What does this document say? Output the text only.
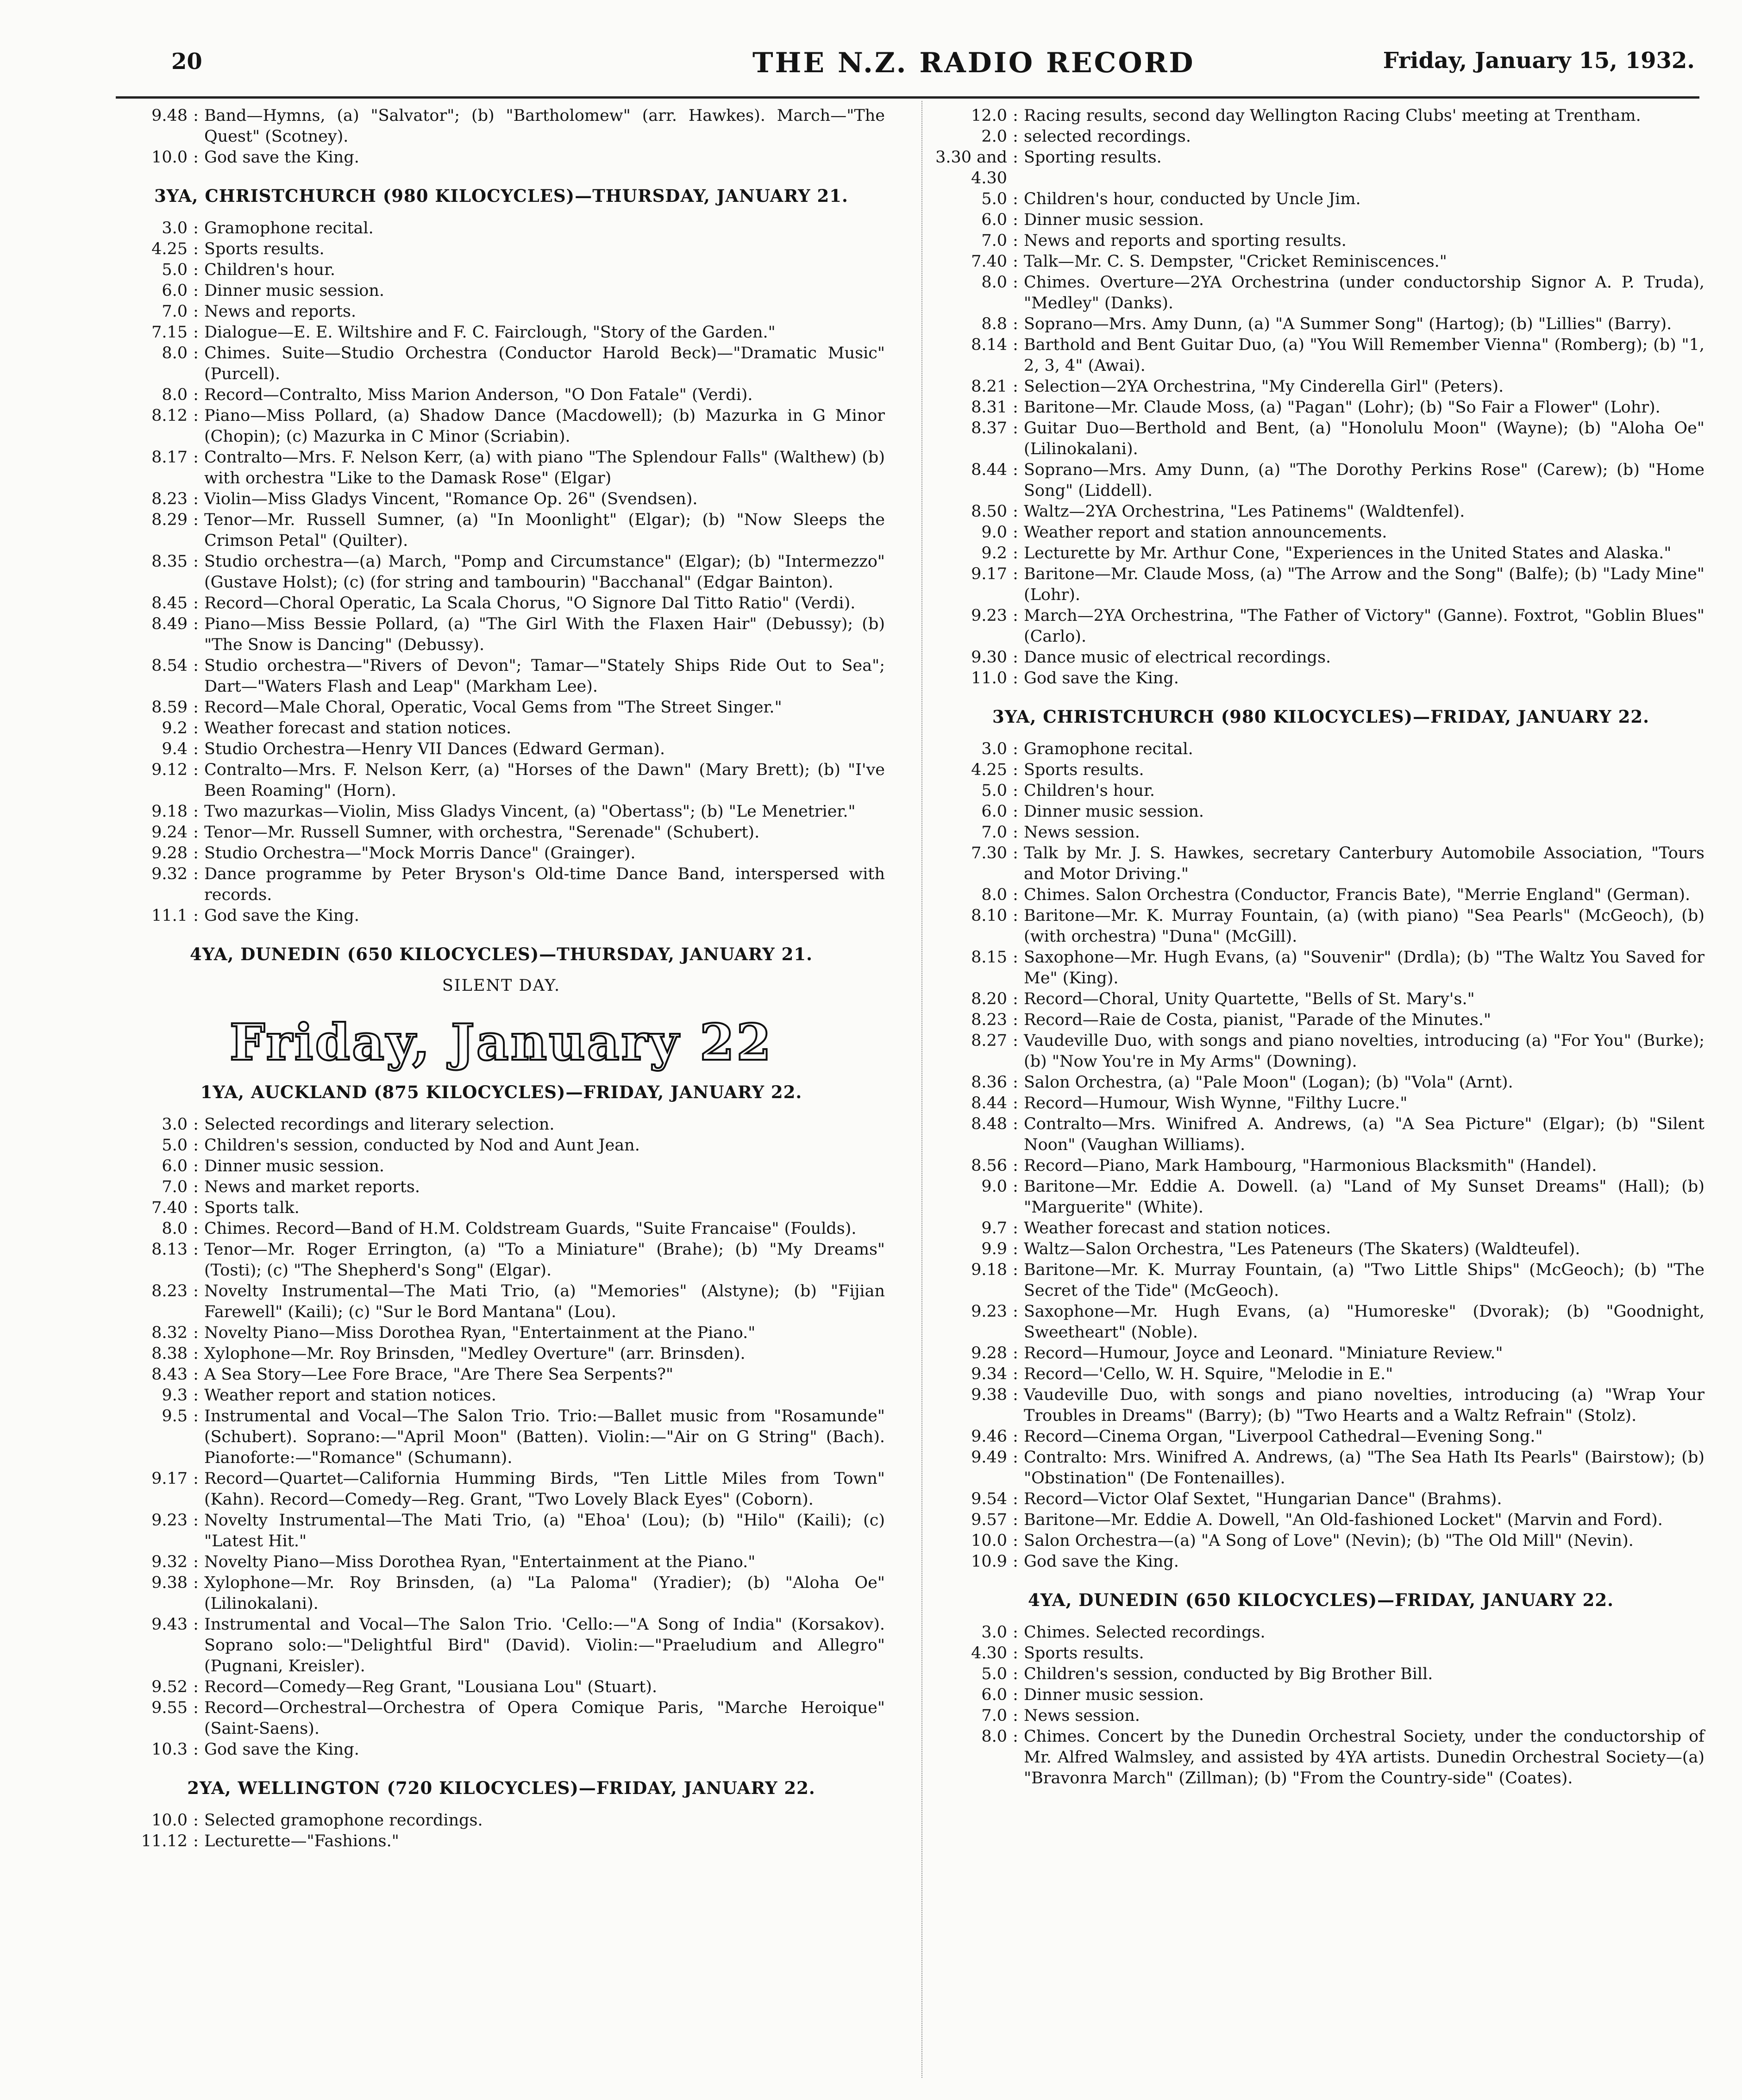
20	THE N.Z. RADIO RECORD	Friday, January 15, 1932.
9.48 : Band—Hymns, (a) "Salvator"; (b) "Bartholomew" (arr. Hawkes). March—"The Quest" (Scotney).
10.0 : God save the King.
3YA, CHRISTCHURCH (980 KILOCYCLES)—THURSDAY, JANUARY 21.
3.0 : Gramophone recital.
4.25 : Sports results.
5.0 : Children's hour.
6.0 : Dinner music session.
7.0 : News and reports.
7.15 : Dialogue—E. E. Wiltshire and F. C. Fairclough, "Story of the Garden."
8.0 : Chimes. Suite—Studio Orchestra (Conductor Harold Beck)—"Dramatic Music" (Purcell).
8.0 : Record—Contralto, Miss Marion Anderson, "O Don Fatale" (Verdi).
8.12 : Piano—Miss Pollard, (a) Shadow Dance (Macdowell); (b) Mazurka in G Minor (Chopin); (c) Mazurka in C Minor (Scriabin).
8.17 : Contralto—Mrs. F. Nelson Kerr, (a) with piano "The Splendour Falls" (Walthew) (b) with orchestra "Like to the Damask Rose" (Elgar)
8.23 : Violin—Miss Gladys Vincent, "Romance Op. 26" (Svendsen).
8.29 : Tenor—Mr. Russell Sumner, (a) "In Moonlight" (Elgar); (b) "Now Sleeps the Crimson Petal" (Quilter).
8.35 : Studio orchestra—(a) March, "Pomp and Circumstance" (Elgar); (b) "Intermezzo" (Gustave Holst); (c) (for string and tambourin) "Bacchanal" (Edgar Bainton).
8.45 : Record—Choral Operatic, La Scala Chorus, "O Signore Dal Titto Ratio" (Verdi).
8.49 : Piano—Miss Bessie Pollard, (a) "The Girl With the Flaxen Hair" (Debussy); (b) "The Snow is Dancing" (Debussy).
8.54 : Studio orchestra—"Rivers of Devon"; Tamar—"Stately Ships Ride Out to Sea"; Dart—"Waters Flash and Leap" (Markham Lee).
8.59 : Record—Male Choral, Operatic, Vocal Gems from "The Street Singer."
9.2 : Weather forecast and station notices.
9.4 : Studio Orchestra—Henry VII Dances (Edward German).
9.12 : Contralto—Mrs. F. Nelson Kerr, (a) "Horses of the Dawn" (Mary Brett); (b) "I've Been Roaming" (Horn).
9.18 : Two mazurkas—Violin, Miss Gladys Vincent, (a) "Obertass"; (b) "Le Menetrier."
9.24 : Tenor—Mr. Russell Sumner, with orchestra, "Serenade" (Schubert).
9.28 : Studio Orchestra—"Mock Morris Dance" (Grainger).
9.32 : Dance programme by Peter Bryson's Old-time Dance Band, interspersed with records.
11.1 : God save the King.
4YA, DUNEDIN (650 KILOCYCLES)—THURSDAY, JANUARY 21.
SILENT DAY.
Friday, January 22
1YA, AUCKLAND (875 KILOCYCLES)—FRIDAY, JANUARY 22.
3.0 : Selected recordings and literary selection.
5.0 : Children's session, conducted by Nod and Aunt Jean.
6.0 : Dinner music session.
7.0 : News and market reports.
7.40 : Sports talk.
8.0 : Chimes. Record—Band of H.M. Coldstream Guards, "Suite Francaise" (Foulds).
8.13 : Tenor—Mr. Roger Errington, (a) "To a Miniature" (Brahe); (b) "My Dreams" (Tosti); (c) "The Shepherd's Song" (Elgar).
8.23 : Novelty Instrumental—The Mati Trio, (a) "Memories" (Alstyne); (b) "Fijian Farewell" (Kaili); (c) "Sur le Bord Mantana" (Lou).
8.32 : Novelty Piano—Miss Dorothea Ryan, "Entertainment at the Piano."
8.38 : Xylophone—Mr. Roy Brinsden, "Medley Overture" (arr. Brinsden).
8.43 : A Sea Story—Lee Fore Brace, "Are There Sea Serpents?"
9.3 : Weather report and station notices.
9.5 : Instrumental and Vocal—The Salon Trio. Trio:—Ballet music from "Rosamunde" (Schubert). Soprano:—"April Moon" (Batten). Violin:—"Air on G String" (Bach). Pianoforte:—"Romance" (Schumann).
9.17 : Record—Quartet—California Humming Birds, "Ten Little Miles from Town" (Kahn). Record—Comedy—Reg. Grant, "Two Lovely Black Eyes" (Coborn).
9.23 : Novelty Instrumental—The Mati Trio, (a) "Ehoa' (Lou); (b) "Hilo" (Kaili); (c) "Latest Hit."
9.32 : Novelty Piano—Miss Dorothea Ryan, "Entertainment at the Piano."
9.38 : Xylophone—Mr. Roy Brinsden, (a) "La Paloma" (Yradier); (b) "Aloha Oe" (Lilinokalani).
9.43 : Instrumental and Vocal—The Salon Trio. 'Cello:—"A Song of India" (Korsakov). Soprano solo:—"Delightful Bird" (David). Violin:—"Praeludium and Allegro" (Pugnani, Kreisler).
9.52 : Record—Comedy—Reg Grant, "Lousiana Lou" (Stuart).
9.55 : Record—Orchestral—Orchestra of Opera Comique Paris, "Marche Heroique" (Saint-Saens).
10.3 : God save the King.
2YA, WELLINGTON (720 KILOCYCLES)—FRIDAY, JANUARY 22.
10.0 : Selected gramophone recordings.
11.12 : Lecturette—"Fashions."
12.0 : Racing results, second day Wellington Racing Clubs' meeting at Trentham.
2.0 : selected recordings.
3.30 and 4.30
: Sporting results.
5.0 : Children's hour, conducted by Uncle Jim.
6.0 : Dinner music session.
7.0 : News and reports and sporting results.
7.40 : Talk—Mr. C. S. Dempster, "Cricket Reminiscences."
8.0 : Chimes. Overture—2YA Orchestrina (under conductorship Signor A. P. Truda), "Medley" (Danks).
8.8 : Soprano—Mrs. Amy Dunn, (a) "A Summer Song" (Hartog); (b) "Lillies" (Barry).
8.14 : Barthold and Bent Guitar Duo, (a) "You Will Remember Vienna" (Romberg); (b) "1, 2, 3, 4" (Awai).
8.21 : Selection—2YA Orchestrina, "My Cinderella Girl" (Peters).
8.31 : Baritone—Mr. Claude Moss, (a) "Pagan" (Lohr); (b) "So Fair a Flower" (Lohr).
8.37 : Guitar Duo—Berthold and Bent, (a) "Honolulu Moon" (Wayne); (b) "Aloha Oe" (Lilinokalani).
8.44 : Soprano—Mrs. Amy Dunn, (a) "The Dorothy Perkins Rose" (Carew); (b) "Home Song" (Liddell).
8.50 : Waltz—2YA Orchestrina, "Les Patinems" (Waldtenfel).
9.0 : Weather report and station announcements.
9.2 : Lecturette by Mr. Arthur Cone, "Experiences in the United States and Alaska."
9.17 : Baritone—Mr. Claude Moss, (a) "The Arrow and the Song" (Balfe); (b) "Lady Mine" (Lohr).
9.23 : March—2YA Orchestrina, "The Father of Victory" (Ganne). Foxtrot, "Goblin Blues" (Carlo).
9.30 : Dance music of electrical recordings.
11.0 : God save the King.
3YA, CHRISTCHURCH (980 KILOCYCLES)—FRIDAY, JANUARY 22.
3.0 : Gramophone recital.
4.25 : Sports results.
5.0 : Children's hour.
6.0 : Dinner music session.
7.0 : News session.
7.30 : Talk by Mr. J. S. Hawkes, secretary Canterbury Automobile Association, "Tours and Motor Driving."
8.0 : Chimes. Salon Orchestra (Conductor, Francis Bate), "Merrie England" (German).
8.10 : Baritone—Mr. K. Murray Fountain, (a) (with piano) "Sea Pearls" (McGeoch), (b) (with orchestra) "Duna" (McGill).
8.15 : Saxophone—Mr. Hugh Evans, (a) "Souvenir" (Drdla); (b) "The Waltz You Saved for Me" (King).
8.20 : Record—Choral, Unity Quartette, "Bells of St. Mary's."
8.23 : Record—Raie de Costa, pianist, "Parade of the Minutes."
8.27 : Vaudeville Duo, with songs and piano novelties, introducing (a) "For You" (Burke); (b) "Now You're in My Arms" (Downing).
8.36 : Salon Orchestra, (a) "Pale Moon" (Logan); (b) "Vola" (Arnt).
8.44 : Record—Humour, Wish Wynne, "Filthy Lucre."
8.48 : Contralto—Mrs. Winifred A. Andrews, (a) "A Sea Picture" (Elgar); (b) "Silent Noon" (Vaughan Williams).
8.56 : Record—Piano, Mark Hambourg, "Harmonious Blacksmith" (Handel).
9.0 : Baritone—Mr. Eddie A. Dowell. (a) "Land of My Sunset Dreams" (Hall); (b) "Marguerite" (White).
9.7 : Weather forecast and station notices.
9.9 : Waltz—Salon Orchestra, "Les Pateneurs (The Skaters) (Waldteufel).
9.18 : Baritone—Mr. K. Murray Fountain, (a) "Two Little Ships" (McGeoch); (b) "The Secret of the Tide" (McGeoch).
9.23 : Saxophone—Mr. Hugh Evans, (a) "Humoreske" (Dvorak); (b) "Goodnight, Sweetheart" (Noble).
9.28 : Record—Humour, Joyce and Leonard. "Miniature Review."
9.34 : Record—'Cello, W. H. Squire, "Melodie in E."
9.38 : Vaudeville Duo, with songs and piano novelties, introducing (a) "Wrap Your Troubles in Dreams" (Barry); (b) "Two Hearts and a Waltz Refrain" (Stolz).
9.46 : Record—Cinema Organ, "Liverpool Cathedral—Evening Song."
9.49 : Contralto: Mrs. Winifred A. Andrews, (a) "The Sea Hath Its Pearls" (Bairstow); (b) "Obstination" (De Fontenailles).
9.54 : Record—Victor Olaf Sextet, "Hungarian Dance" (Brahms).
9.57 : Baritone—Mr. Eddie A. Dowell, "An Old-fashioned Locket" (Marvin and Ford).
10.0 : Salon Orchestra—(a) "A Song of Love" (Nevin); (b) "The Old Mill" (Nevin).
10.9 : God save the King.
4YA, DUNEDIN (650 KILOCYCLES)—FRIDAY, JANUARY 22.
3.0 : Chimes. Selected recordings.
4.30 : Sports results.
5.0 : Children's session, conducted by Big Brother Bill.
6.0 : Dinner music session.
7.0 : News session.
8.0 : Chimes. Concert by the Dunedin Orchestral Society, under the conductorship of Mr. Alfred Walmsley, and assisted by 4YA artists. Dunedin Orchestral Society—(a) "Bravonra March" (Zillman); (b) "From the Country-side" (Coates).
